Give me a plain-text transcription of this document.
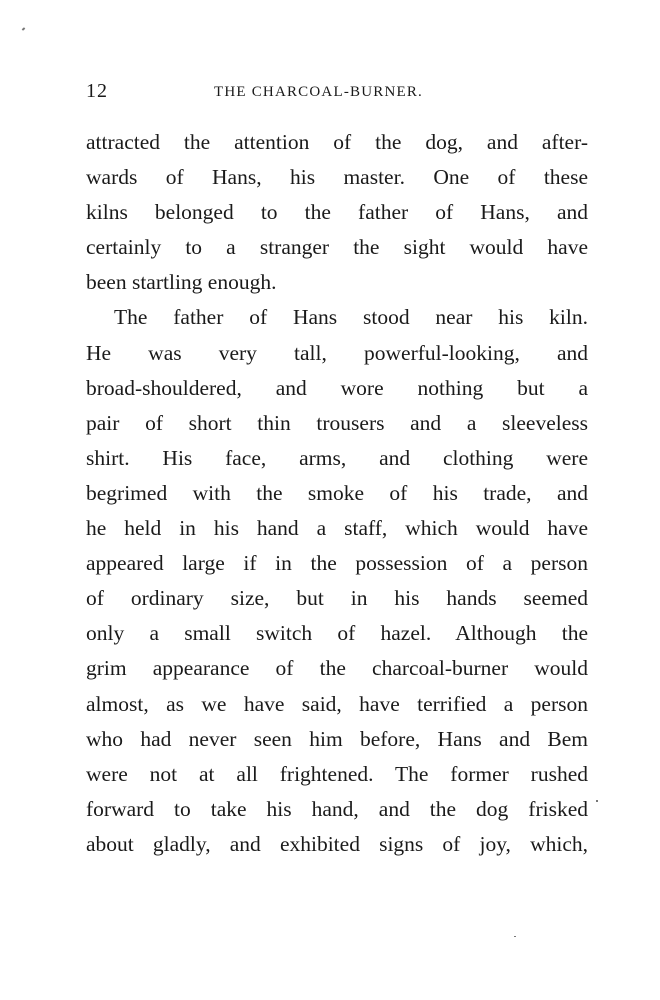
12	THE CHARCOAL-BURNER.
attracted the attention of the dog, and after-
wards of Hans, his master. One of these
kilns belonged to the father of Hans, and
certainly to a stranger the sight would have
been startling enough.
The father of Hans stood near his kiln.
He was very tall, powerful-looking, and
broad-shouldered, and wore nothing but a
pair of short thin trousers and a sleeveless
shirt. His face, arms, and clothing were
begrimed with the smoke of his trade, and
he held in his hand a staff, which would have
appeared large if in the possession of a person
of ordinary size, but in his hands seemed
only a small switch of hazel. Although the
grim appearance of the charcoal-burner would
almost, as we have said, have terrified a person
who had never seen him before, Hans and Bem
were not at all frightened. The former rushed
forward to take his hand, and the dog frisked
about gladly, and exhibited signs of joy, which,
